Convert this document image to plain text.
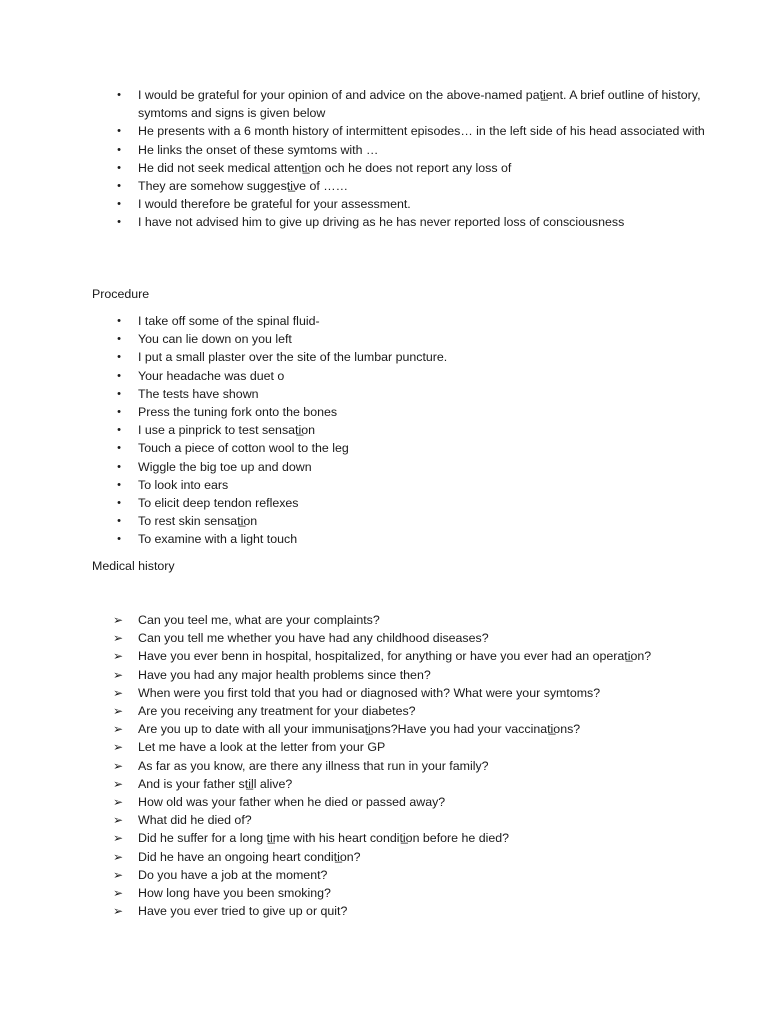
•	I would be grateful for your opinion of and advice on the above-named pati̲ent. A brief outline of history, symtoms and signs is given below
•	He presents with a 6 month history of intermittent episodes… in the left side of his head associated with
•	He links the onset of these symtoms with …
•	He did not seek medical attenti̲on och he does not report any loss of
•	They are somehow suggesti̲ve of ……
•	I would therefore be grateful for your assessment.
•	I have not advised him to give up driving as he has never reported loss of consciousness
Procedure
•	I take off some of the spinal fluid-
•	You can lie down on you left
•	I put a small plaster over the site of the lumbar puncture.
•	Your headache was duet o
•	The tests have shown
•	Press the tuning fork onto the bones
•	I use a pinprick to test sensati̲on
•	Touch a piece of cotton wool to the leg
•	Wiggle the big toe up and down
•	To look into ears
•	To elicit deep tendon reflexes
•	To rest skin sensati̲on
•	To examine with a light touch
Medical history
➢ Can you teel me, what are your complaints?
➢ Can you tell me whether you have had any childhood diseases?
➢ Have you ever benn in hospital, hospitalized, for anything or have you ever had an operati̲on?
➢ Have you had any major health problems since then?
➢ When were you first told that you had or diagnosed with? What were your symtoms?
➢ Are you receiving any treatment for your diabetes?
➢ Are you up to date with all your immunisati̲ons?Have you had your vaccinati̲ons?
➢ Let me have a look at the letter from your GP
➢ As far as you know, are there any illness that run in your family?
➢ And is your father sti̲ll alive?
➢ How old was your father when he died or passed away?
➢ What did he died of?
➢ Did he suffer for a long ti̲me with his heart conditi̲on before he died?
➢ Did he have an ongoing heart conditi̲on?
➢ Do you have a job at the moment?
➢ How long have you been smoking?
➢ Have you ever tried to give up or quit?
